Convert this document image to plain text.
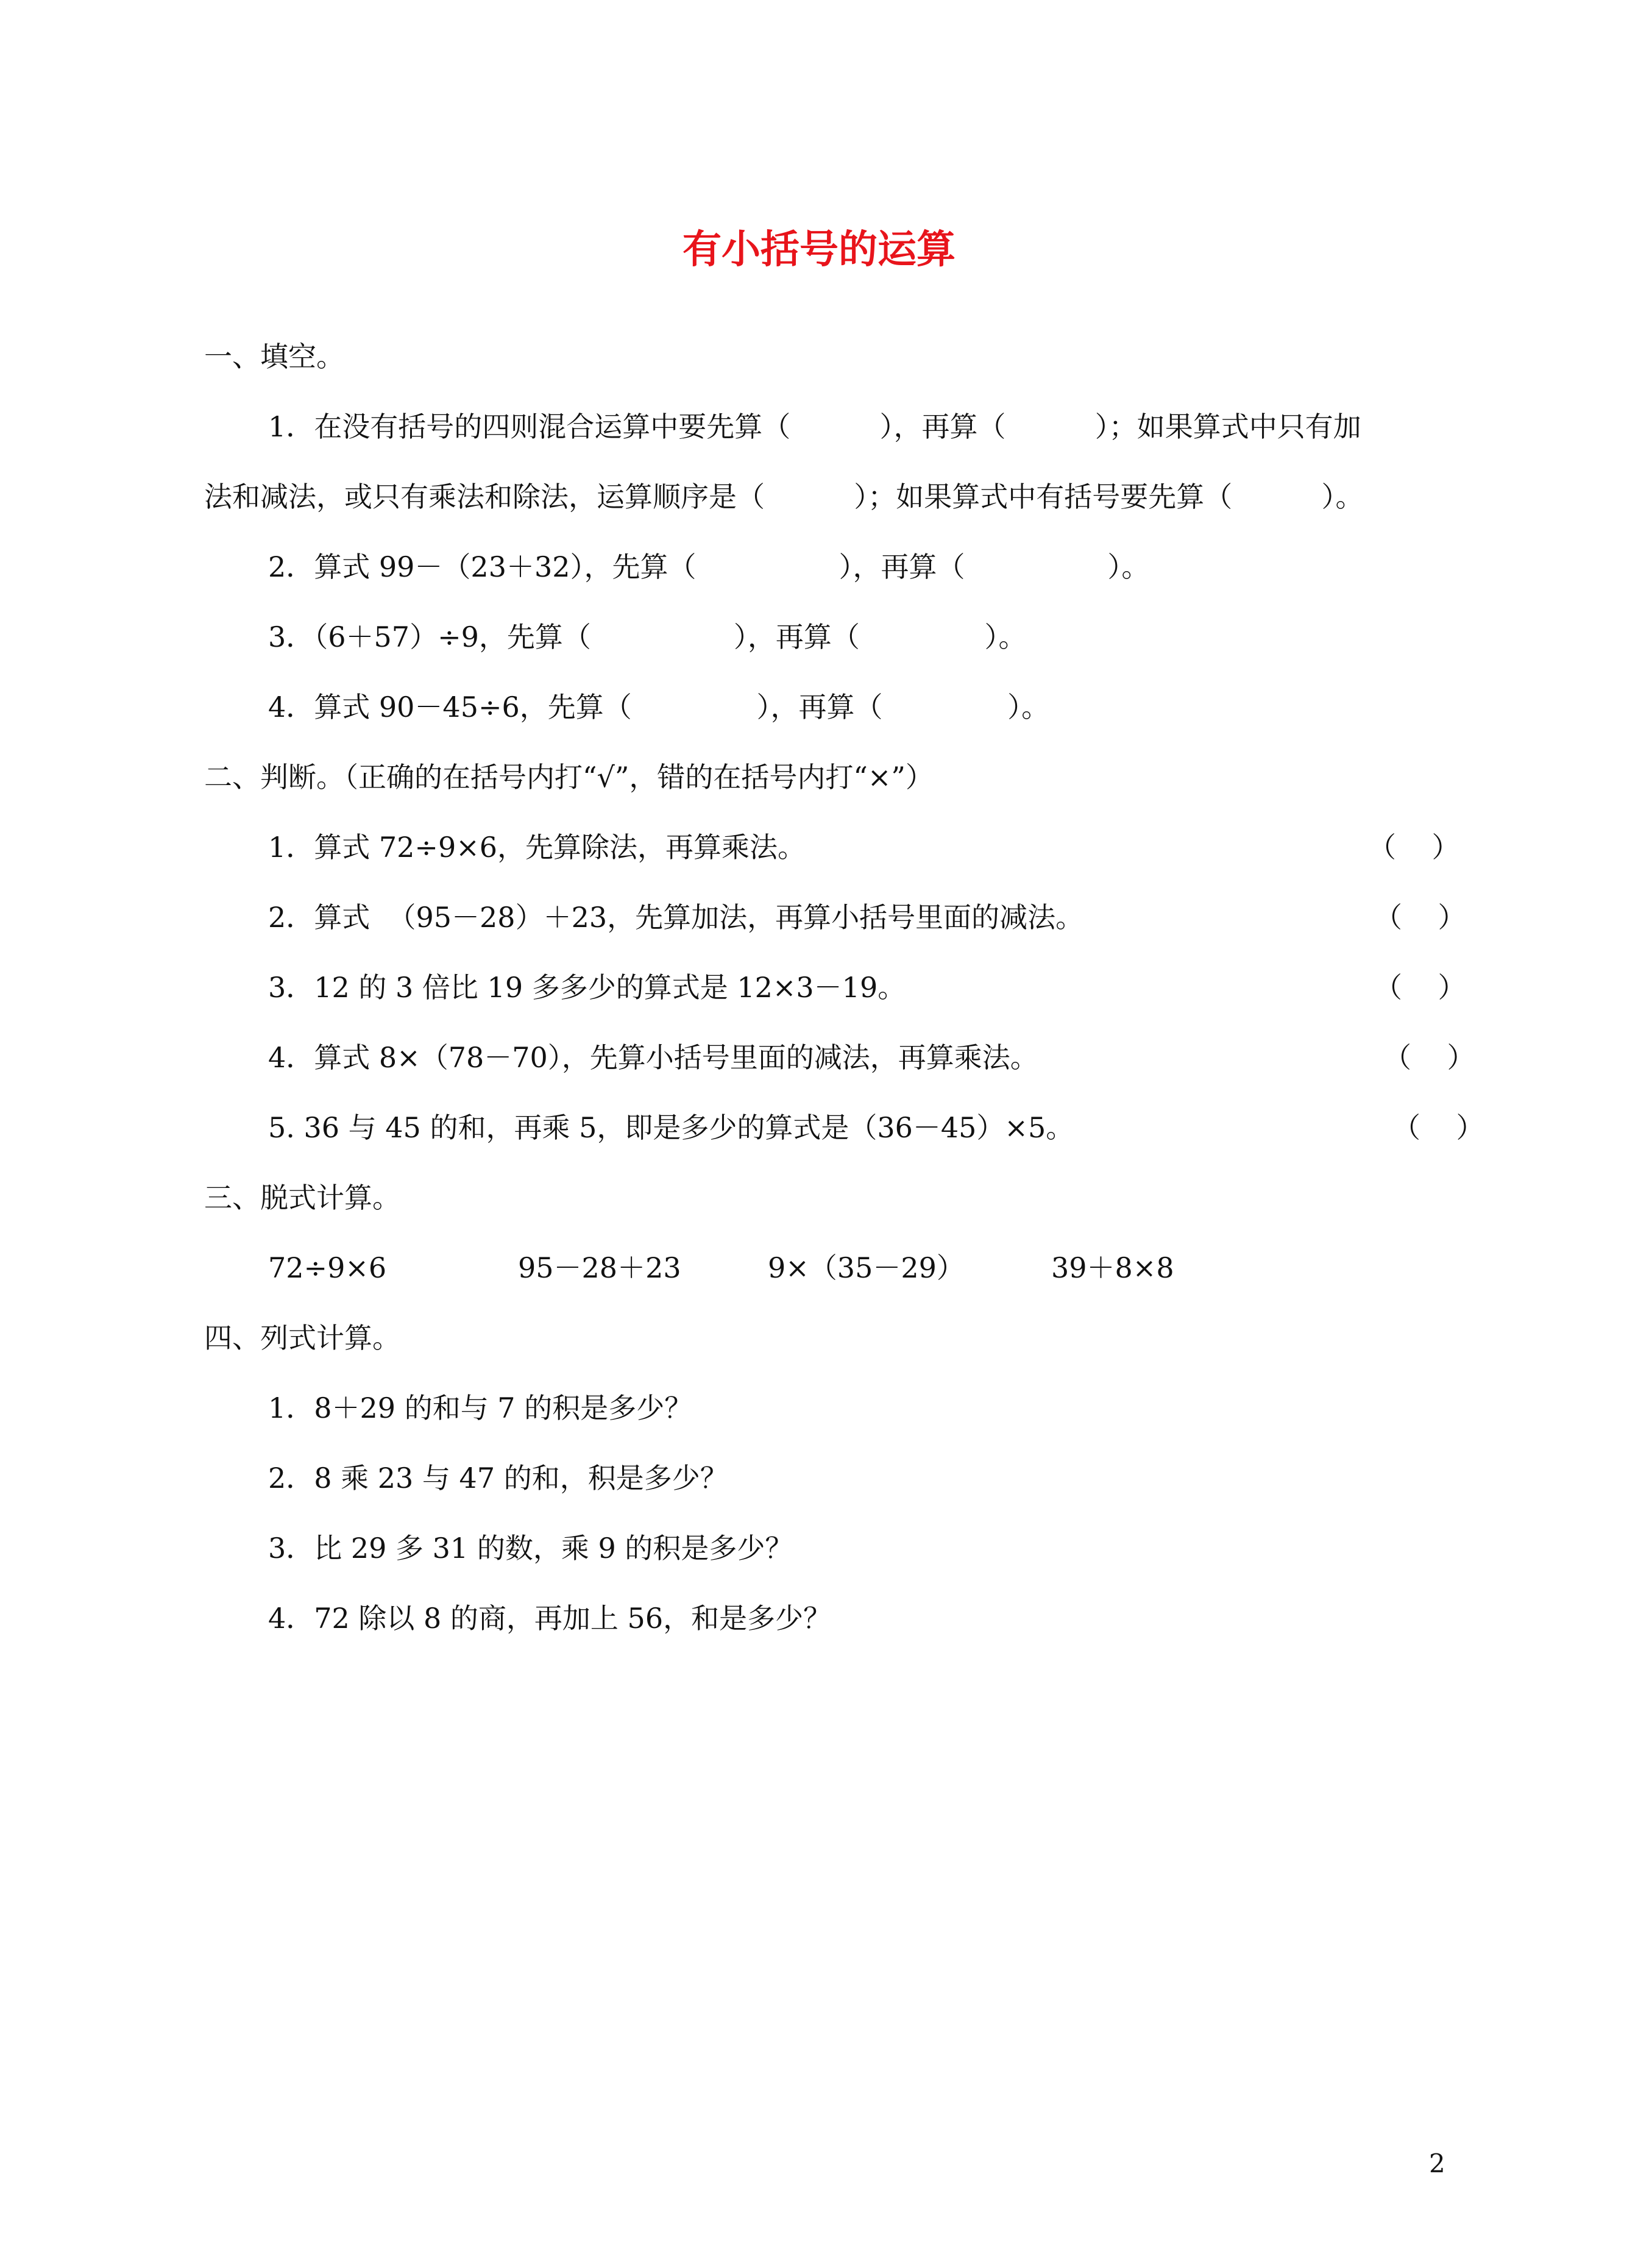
有小括号的运算
一、填空。
1．在没有括号的四则混合运算中要先算（          ），再算（          ）；如果算式中只有加
法和减法，或只有乘法和除法，运算顺序是（          ）；如果算式中有括号要先算（          ）。
2．算式 99－（23＋32），先算（                ），再算（                ）。
3．（6＋57）÷9，先算（                ），再算（              ）。
4．算式 90－45÷6，先算（              ），再算（              ）。
二、判断。（正确的在括号内打“√”，错的在括号内打“×”）
1．算式 72÷9×6，先算除法，再算乘法。	（    ）
2．算式  （95－28）＋23，先算加法，再算小括号里面的减法。	（    ）
3．12 的 3 倍比 19 多多少的算式是 12×3－19。	（    ）
4．算式 8×（78－70），先算小括号里面的减法，再算乘法。	（    ）
5. 36 与 45 的和，再乘 5，即是多少的算式是（36－45）×5。	（    ）
三、脱式计算。
72÷9×6	95－28＋23	9×（35－29）	39＋8×8
四、列式计算。
1．8＋29 的和与 7 的积是多少？
2．8 乘 23 与 47 的和，积是多少？
3．比 29 多 31 的数，乘 9 的积是多少？
4．72 除以 8 的商，再加上 56，和是多少？
2
